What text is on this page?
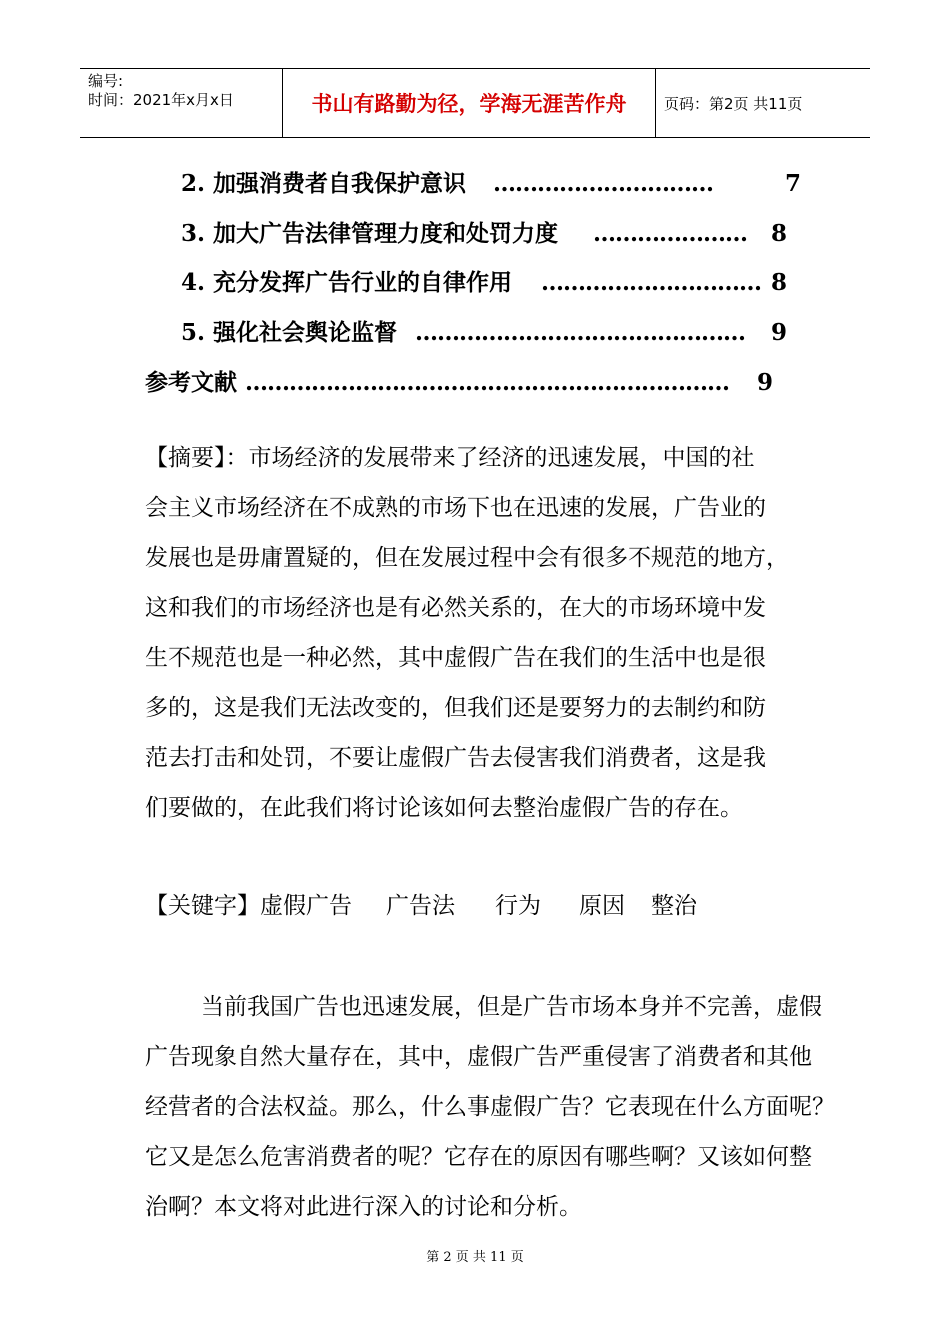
编号:
时间：2021年x月x日	书山有路勤为径，学海无涯苦作舟	页码：第2页 共11页
2. 加强消费者自我保护意识 …………………………	7
3. 加大广告法律管理力度和处罚力度 …………………	8
4. 充分发挥广告行业的自律作用 ………………………… 8
5. 强化社会舆论监督 ………………………………………	9
参考文献 …………………………………………………………	9
【摘要】：市场经济的发展带来了经济的迅速发展，中国的社
会主义市场经济在不成熟的市场下也在迅速的发展，广告业的
发展也是毋庸置疑的，但在发展过程中会有很多不规范的地方，
这和我们的市场经济也是有必然关系的，在大的市场环境中发
生不规范也是一种必然，其中虚假广告在我们的生活中也是很
多的，这是我们无法改变的，但我们还是要努力的去制约和防
范去打击和处罚，不要让虚假广告去侵害我们消费者，这是我
们要做的，在此我们将讨论该如何去整治虚假广告的存在。
【关键字】虚假广告 广告法 行为 原因 整治
当前我国广告也迅速发展，但是广告市场本身并不完善，虚假
广告现象自然大量存在，其中，虚假广告严重侵害了消费者和其他
经营者的合法权益。那么，什么事虚假广告？它表现在什么方面呢？
它又是怎么危害消费者的呢？它存在的原因有哪些啊？又该如何整
治啊？本文将对此进行深入的讨论和分析。
第 2 页 共 11 页
